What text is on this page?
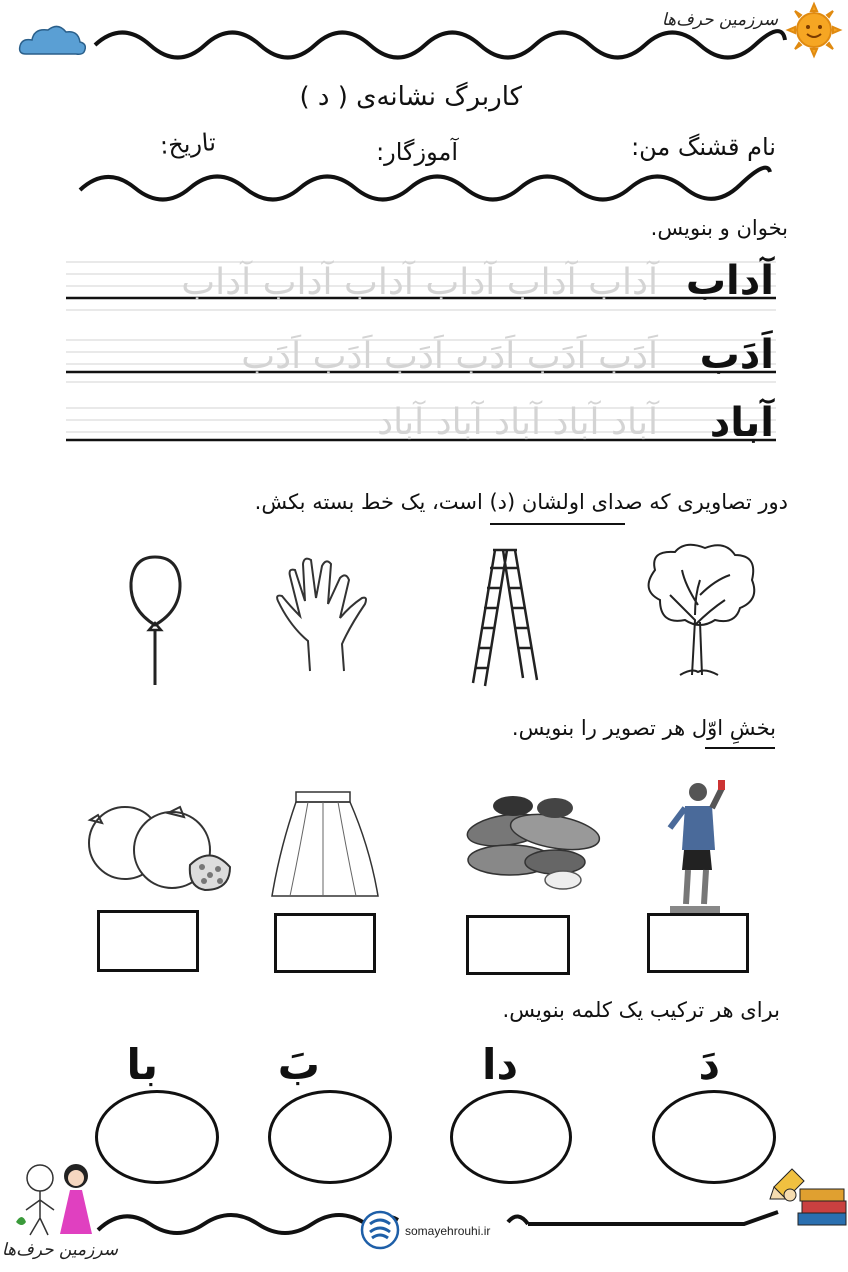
سرزمین حرف‌ها
کاربرگ نشانه‌ی ( د )
نام قشنگ من:
آموزگار:
تاریخ:
بخوان و بنویس.
آداب
آداب آداب آداب آداب آداب آداب
اَدَب
اَدَب اَدَب اَدَب اَدَب اَدَب اَدَب
آباد
آباد آباد آباد آباد آباد
دور تصاویری که صدای اولشان (د) است، یک خط بسته بکش.
بخشِ اوّل هر تصویر را بنویس.
برای هر ترکیب یک کلمه بنویس.
دَ
دا
بَ
با
سرزمین حرف‌ها
somayehrouhi.ir
